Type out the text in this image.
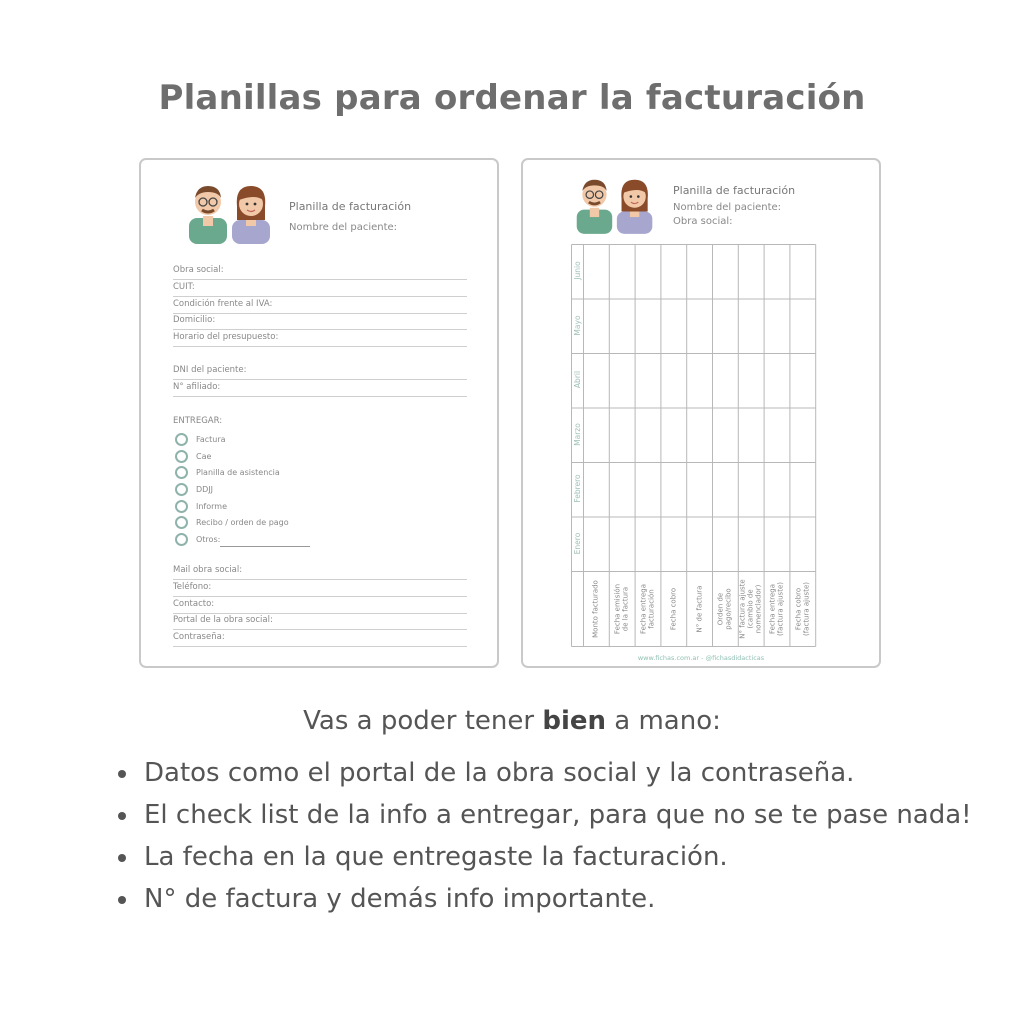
Planillas para ordenar la facturación
Planilla de facturación
Nombre del paciente:
Obra social:
CUIT:
Condición frente al IVA:
Domicilio:
Horario del presupuesto:
DNI del paciente:
N° afiliado:
ENTREGAR:
Factura
Cae
Planilla de asistencia
DDJJ
Informe
Recibo / orden de pago
Otros:
Mail obra social:
Teléfono:
Contacto:
Portal de la obra social:
Contraseña:
Planilla de facturación
Nombre del paciente:
Obra social:
Junio
Mayo
Abril
Marzo
Febrero
Enero
Monto facturado Fecha emisión de la factura Fecha entrega facturación Fecha cobro	N° de factura Orden de pago/recibo N° factura ajuste (cambio de nomenclador) Fecha entrega (factura ajuste) Fecha cobro (factura ajuste)
www.fichas.com.ar - @fichasdidacticas
Vas a poder tener bien a mano:
Datos como el portal de la obra social y la contraseña.
El check list de la info a entregar, para que no se te pase nada!
La fecha en la que entregaste la facturación.
N° de factura y demás info importante.
